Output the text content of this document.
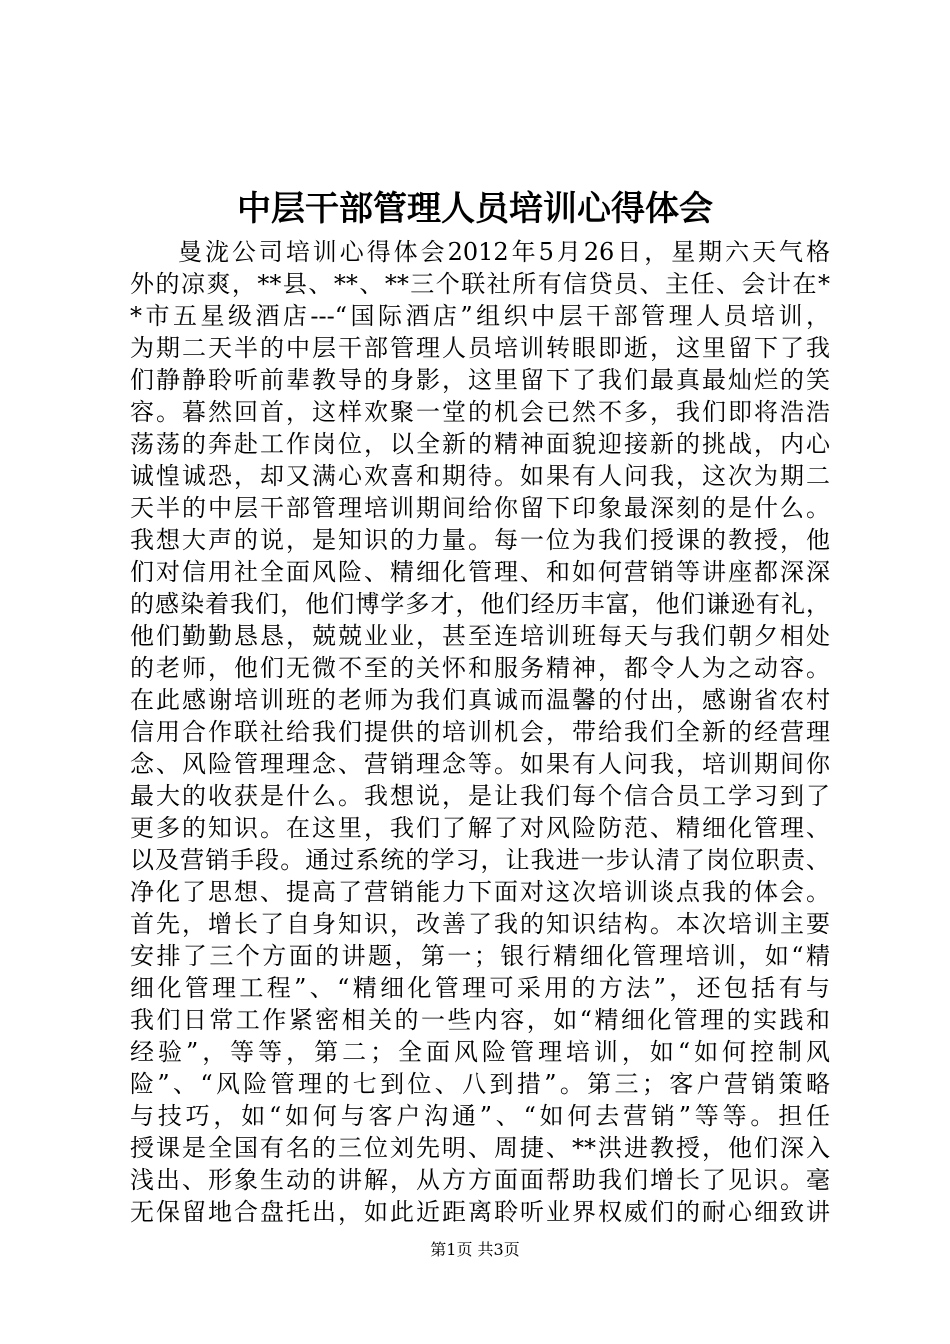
中层干部管理人员培训心得体会
曼泷公司培训心得体会2012年5月26日，星期六天气格
外的凉爽，**县、**、**三个联社所有信贷员、主任、会计在*
*市五星级酒店---“国际酒店”组织中层干部管理人员培训，
为期二天半的中层干部管理人员培训转眼即逝，这里留下了我
们静静聆听前辈教导的身影，这里留下了我们最真最灿烂的笑
容。暮然回首，这样欢聚一堂的机会已然不多，我们即将浩浩
荡荡的奔赴工作岗位，以全新的精神面貌迎接新的挑战，内心
诚惶诚恐，却又满心欢喜和期待。如果有人问我，这次为期二
天半的中层干部管理培训期间给你留下印象最深刻的是什么。
我想大声的说，是知识的力量。每一位为我们授课的教授，他
们对信用社全面风险、精细化管理、和如何营销等讲座都深深
的感染着我们，他们博学多才，他们经历丰富，他们谦逊有礼，
他们勤勤恳恳，兢兢业业，甚至连培训班每天与我们朝夕相处
的老师，他们无微不至的关怀和服务精神，都令人为之动容。
在此感谢培训班的老师为我们真诚而温馨的付出，感谢省农村
信用合作联社给我们提供的培训机会，带给我们全新的经营理
念、风险管理理念、营销理念等。如果有人问我，培训期间你
最大的收获是什么。我想说，是让我们每个信合员工学习到了
更多的知识。在这里，我们了解了对风险防范、精细化管理、
以及营销手段。通过系统的学习，让我进一步认清了岗位职责、
净化了思想、提高了营销能力下面对这次培训谈点我的体会。
首先，增长了自身知识，改善了我的知识结构。本次培训主要
安排了三个方面的讲题，第一；银行精细化管理培训，如“精
细化管理工程”、“精细化管理可采用的方法”，还包括有与
我们日常工作紧密相关的一些内容，如“精细化管理的实践和
经验”，等等，第二；全面风险管理培训，如“如何控制风
险”、“风险管理的七到位、八到措”。第三；客户营销策略
与技巧，如“如何与客户沟通”、“如何去营销”等等。担任
授课是全国有名的三位刘先明、周捷、**洪进教授，他们深入
浅出、形象生动的讲解，从方方面面帮助我们增长了见识。毫
无保留地合盘托出，如此近距离聆听业界权威们的耐心细致讲
第1页 共3页
